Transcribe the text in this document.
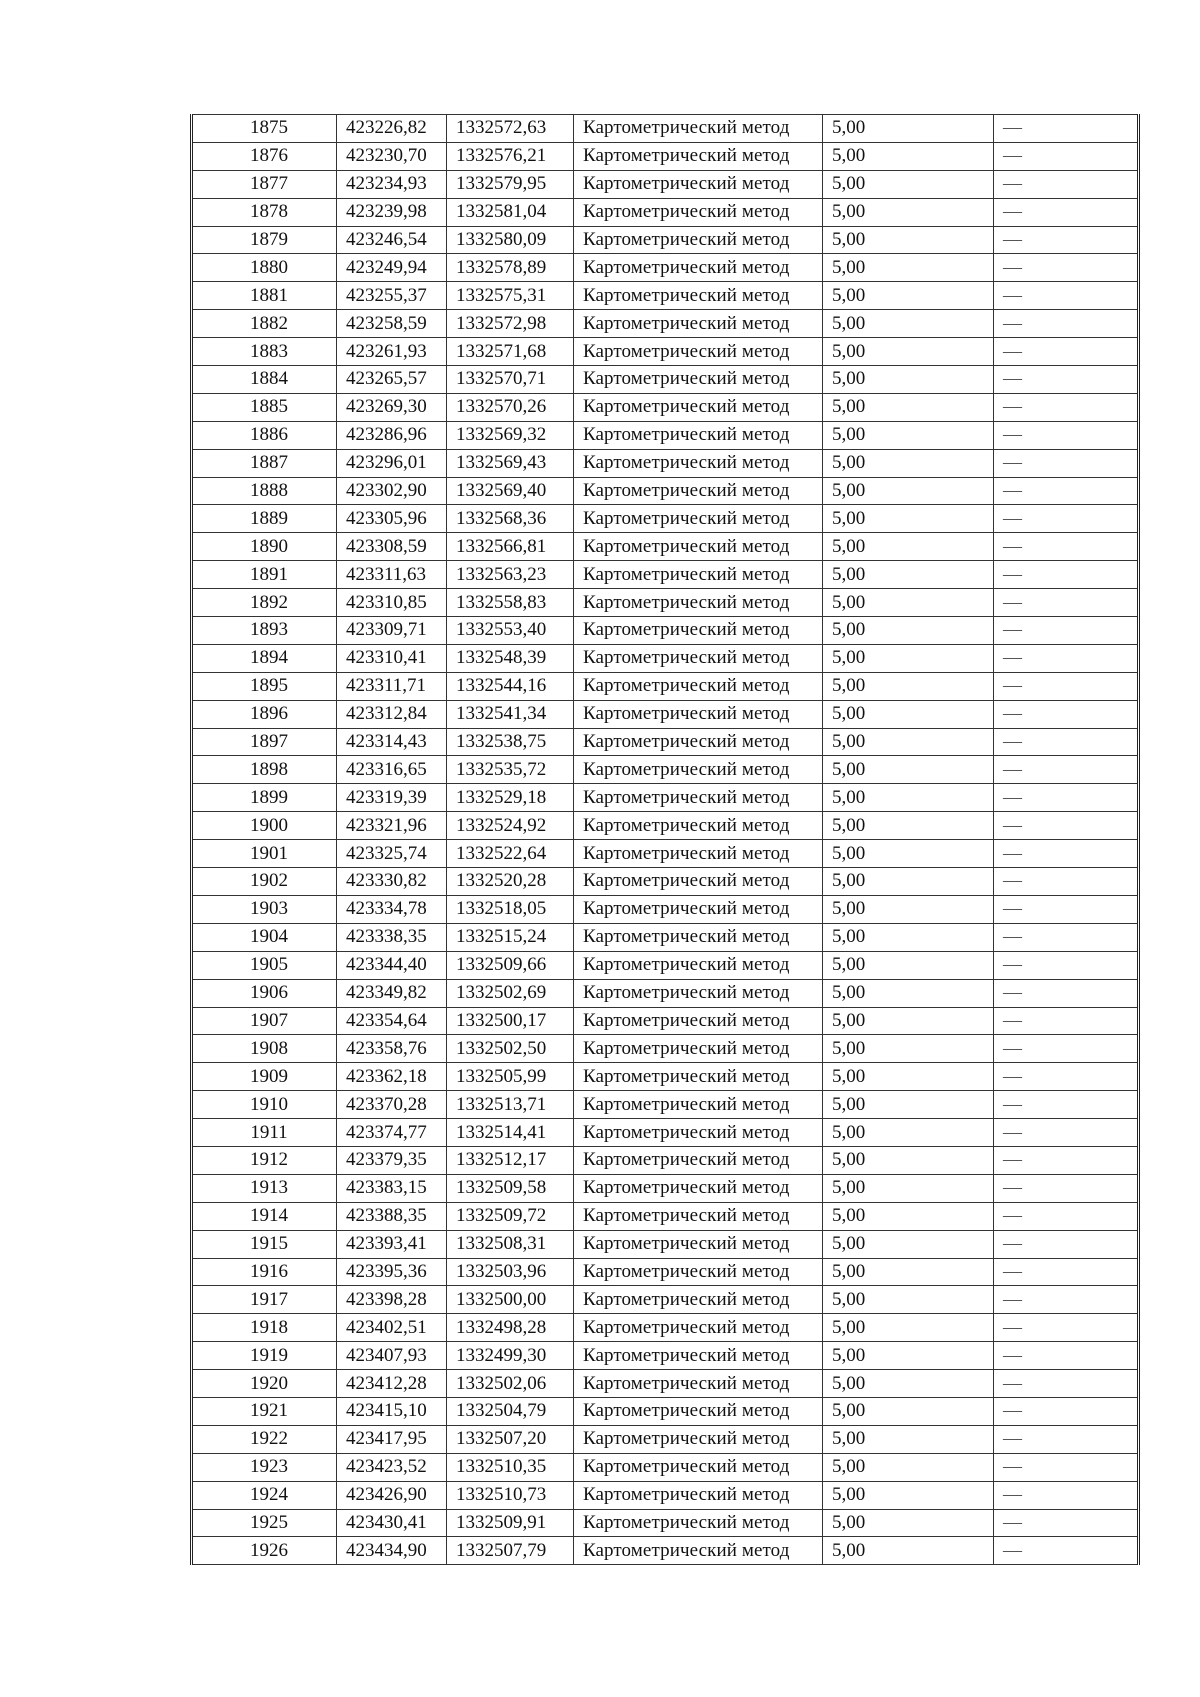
1875	423226,82	1332572,63	Картометрический метод	5,00	—
1876	423230,70	1332576,21	Картометрический метод	5,00	—
1877	423234,93	1332579,95	Картометрический метод	5,00	—
1878	423239,98	1332581,04	Картометрический метод	5,00	—
1879	423246,54	1332580,09	Картометрический метод	5,00	—
1880	423249,94	1332578,89	Картометрический метод	5,00	—
1881	423255,37	1332575,31	Картометрический метод	5,00	—
1882	423258,59	1332572,98	Картометрический метод	5,00	—
1883	423261,93	1332571,68	Картометрический метод	5,00	—
1884	423265,57	1332570,71	Картометрический метод	5,00	—
1885	423269,30	1332570,26	Картометрический метод	5,00	—
1886	423286,96	1332569,32	Картометрический метод	5,00	—
1887	423296,01	1332569,43	Картометрический метод	5,00	—
1888	423302,90	1332569,40	Картометрический метод	5,00	—
1889	423305,96	1332568,36	Картометрический метод	5,00	—
1890	423308,59	1332566,81	Картометрический метод	5,00	—
1891	423311,63	1332563,23	Картометрический метод	5,00	—
1892	423310,85	1332558,83	Картометрический метод	5,00	—
1893	423309,71	1332553,40	Картометрический метод	5,00	—
1894	423310,41	1332548,39	Картометрический метод	5,00	—
1895	423311,71	1332544,16	Картометрический метод	5,00	—
1896	423312,84	1332541,34	Картометрический метод	5,00	—
1897	423314,43	1332538,75	Картометрический метод	5,00	—
1898	423316,65	1332535,72	Картометрический метод	5,00	—
1899	423319,39	1332529,18	Картометрический метод	5,00	—
1900	423321,96	1332524,92	Картометрический метод	5,00	—
1901	423325,74	1332522,64	Картометрический метод	5,00	—
1902	423330,82	1332520,28	Картометрический метод	5,00	—
1903	423334,78	1332518,05	Картометрический метод	5,00	—
1904	423338,35	1332515,24	Картометрический метод	5,00	—
1905	423344,40	1332509,66	Картометрический метод	5,00	—
1906	423349,82	1332502,69	Картометрический метод	5,00	—
1907	423354,64	1332500,17	Картометрический метод	5,00	—
1908	423358,76	1332502,50	Картометрический метод	5,00	—
1909	423362,18	1332505,99	Картометрический метод	5,00	—
1910	423370,28	1332513,71	Картометрический метод	5,00	—
1911	423374,77	1332514,41	Картометрический метод	5,00	—
1912	423379,35	1332512,17	Картометрический метод	5,00	—
1913	423383,15	1332509,58	Картометрический метод	5,00	—
1914	423388,35	1332509,72	Картометрический метод	5,00	—
1915	423393,41	1332508,31	Картометрический метод	5,00	—
1916	423395,36	1332503,96	Картометрический метод	5,00	—
1917	423398,28	1332500,00	Картометрический метод	5,00	—
1918	423402,51	1332498,28	Картометрический метод	5,00	—
1919	423407,93	1332499,30	Картометрический метод	5,00	—
1920	423412,28	1332502,06	Картометрический метод	5,00	—
1921	423415,10	1332504,79	Картометрический метод	5,00	—
1922	423417,95	1332507,20	Картометрический метод	5,00	—
1923	423423,52	1332510,35	Картометрический метод	5,00	—
1924	423426,90	1332510,73	Картометрический метод	5,00	—
1925	423430,41	1332509,91	Картометрический метод	5,00	—
1926	423434,90	1332507,79	Картометрический метод	5,00	—
